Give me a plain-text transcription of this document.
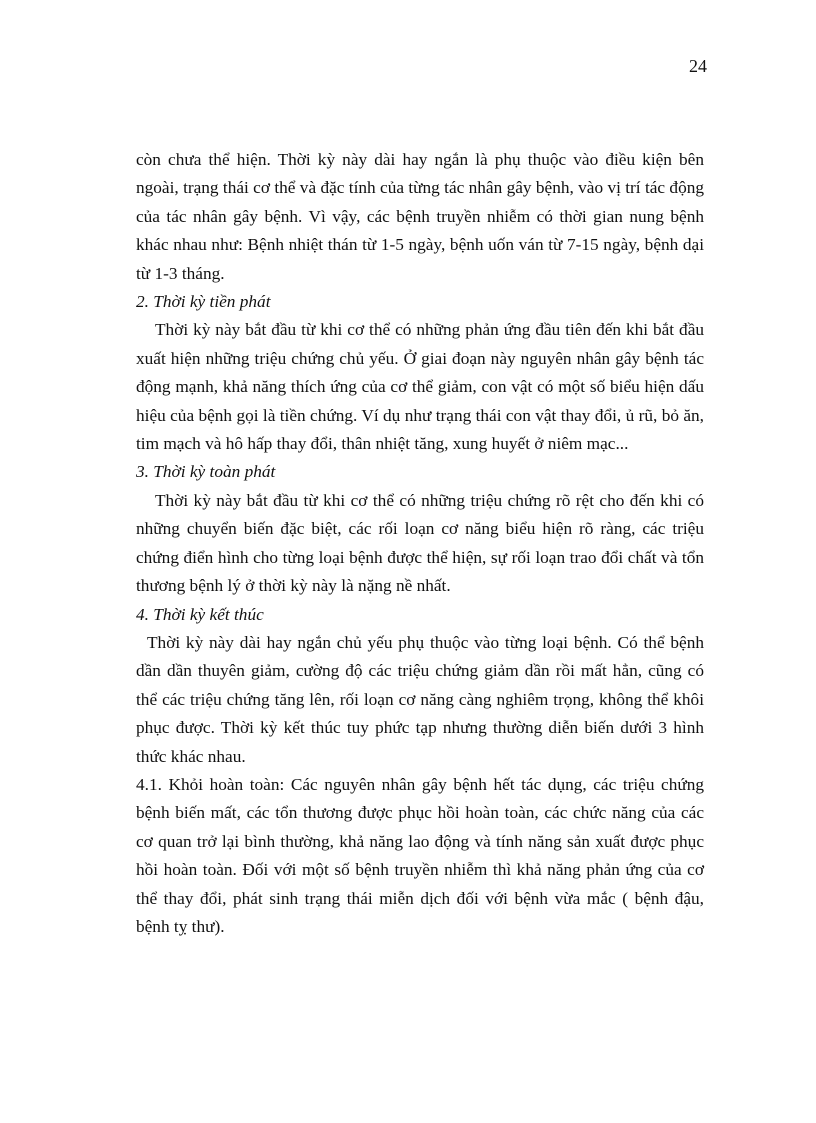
24

còn chưa thể hiện. Thời kỳ này dài hay ngắn là phụ thuộc vào điều kiện bên ngoài, trạng thái cơ thể và đặc tính của từng tác nhân gây bệnh, vào vị trí tác động của tác nhân gây bệnh. Vì vậy, các bệnh truyền nhiễm có thời gian nung bệnh khác nhau như: Bệnh nhiệt thán từ 1-5 ngày, bệnh uốn ván từ 7-15 ngày, bệnh dại từ 1-3 tháng.

2. Thời kỳ tiền phát

Thời kỳ này bắt đầu từ khi cơ thể có những phản ứng đầu tiên đến khi bắt đầu xuất hiện những triệu chứng chủ yếu. Ở giai đoạn này nguyên nhân gây bệnh tác động mạnh, khả năng thích ứng của cơ thể giảm, con vật có một số biểu hiện dấu hiệu của bệnh gọi là tiền chứng. Ví dụ như trạng thái con vật thay đổi, ủ rũ, bỏ ăn, tim mạch và hô hấp thay đổi, thân nhiệt tăng, xung huyết ở niêm mạc...

3. Thời kỳ toàn phát

Thời kỳ này bắt đầu từ khi cơ thể có những triệu chứng rõ rệt cho đến khi có những chuyển biến đặc biệt, các rối loạn cơ năng biểu hiện rõ ràng, các triệu chứng điển hình cho từng loại bệnh được thể hiện, sự rối loạn trao đổi chất và tổn thương bệnh lý ở thời kỳ này là nặng nề nhất.

4. Thời kỳ kết thúc

Thời kỳ này dài hay ngắn chủ yếu phụ thuộc vào từng loại bệnh. Có thể bệnh dần dần thuyên giảm, cường độ các triệu chứng giảm dần rồi mất hẳn, cũng có thể các triệu chứng tăng lên, rối loạn cơ năng càng nghiêm trọng, không thể khôi phục được. Thời kỳ kết thúc tuy phức tạp nhưng thường diễn biến dưới 3 hình thức khác nhau.

4.1. Khỏi hoàn toàn: Các nguyên nhân gây bệnh hết tác dụng, các triệu chứng bệnh biến mất, các tổn thương được phục hồi hoàn toàn, các chức năng của các cơ quan trở lại bình thường, khả năng lao động và tính năng sản xuất được phục hồi hoàn toàn. Đối với một số bệnh truyền nhiễm thì khả năng phản ứng của cơ thể thay đổi, phát sinh trạng thái miễn dịch đối với bệnh vừa mắc ( bệnh đậu, bệnh tỵ thư).
